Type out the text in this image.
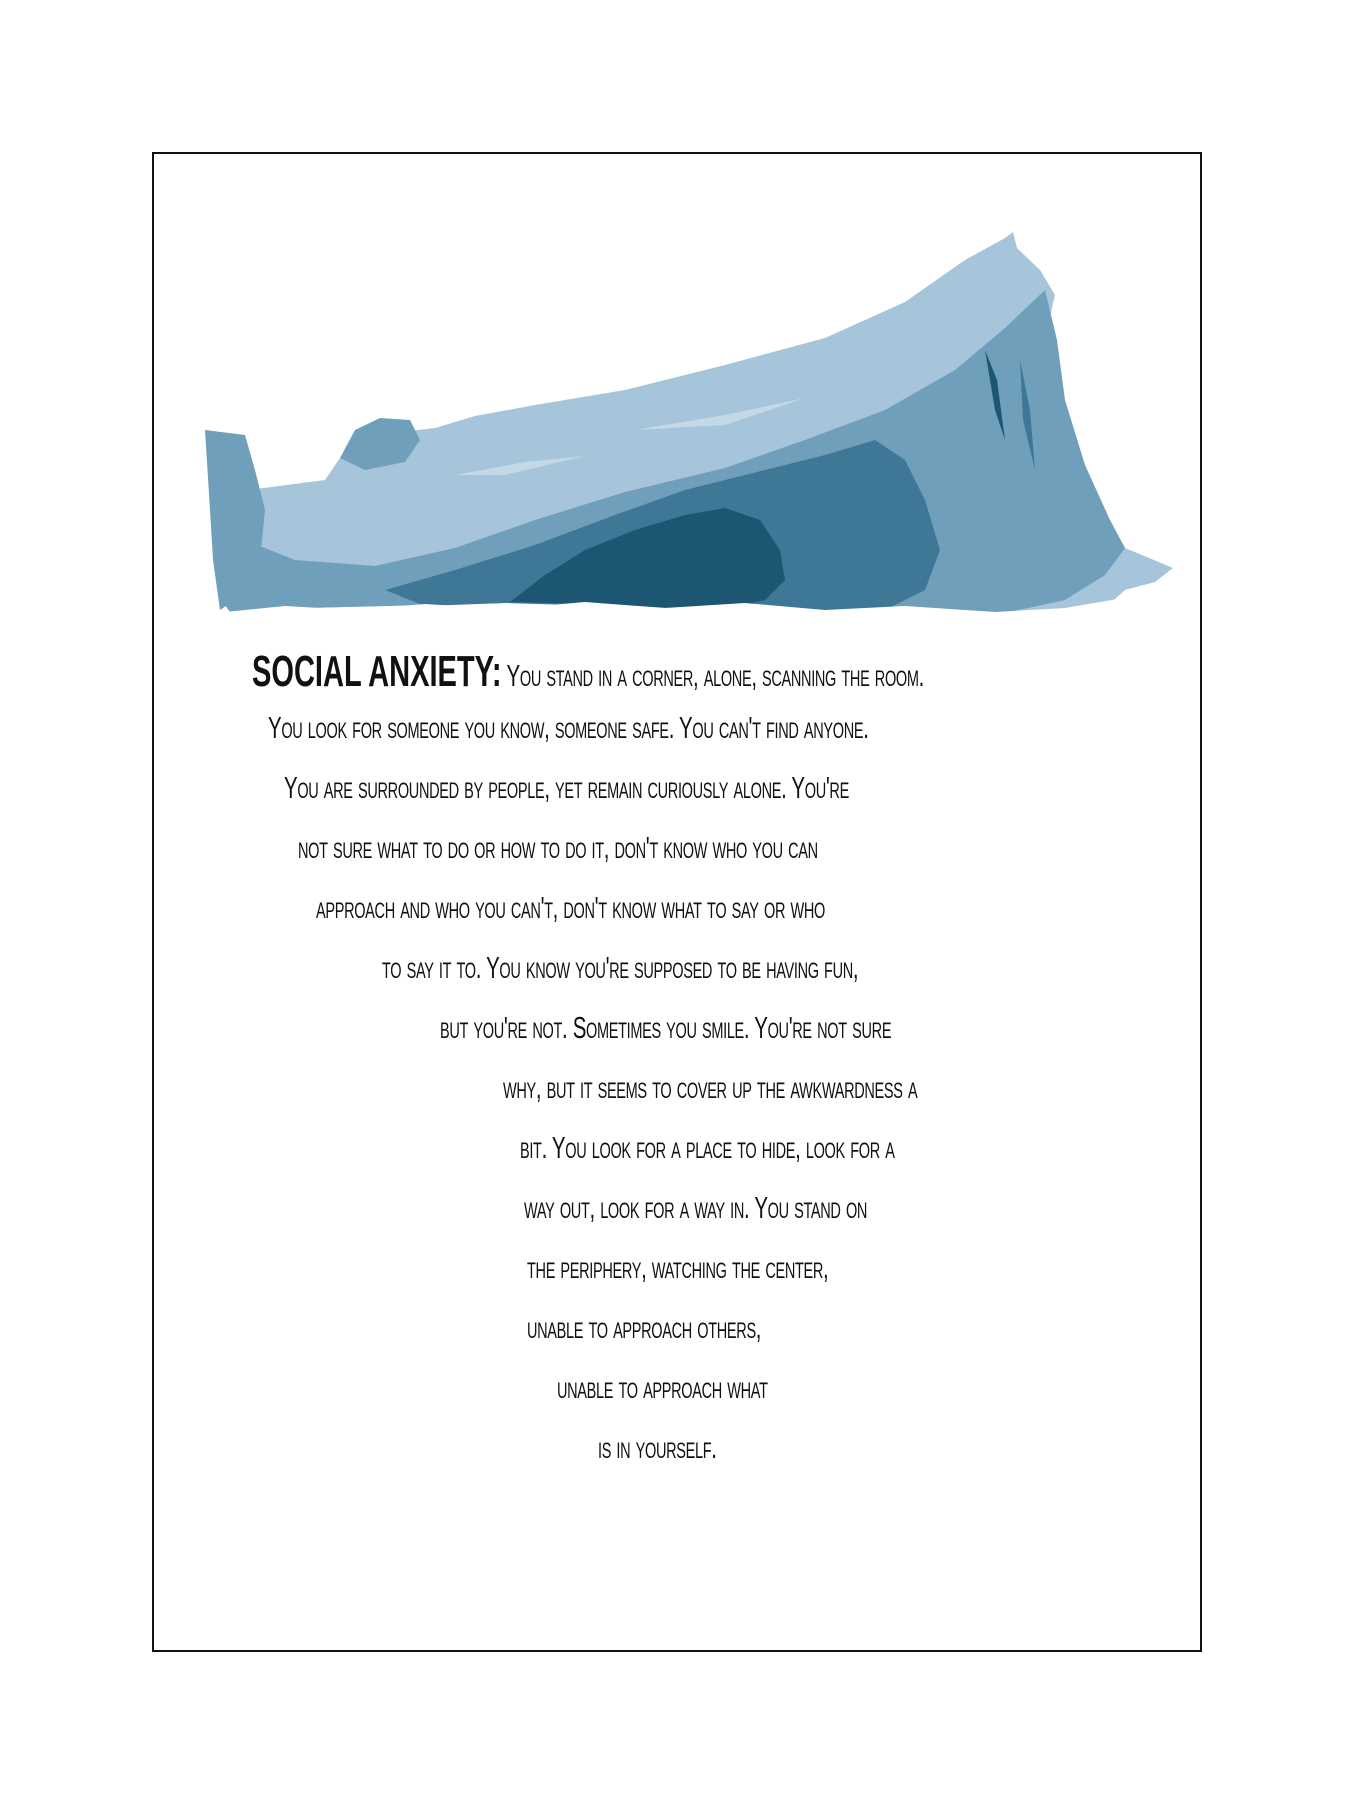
SOCIAL ANXIETY: You stand in a corner, alone, scanning the room.
You look for someone you know, someone safe. You can't find anyone.
You are surrounded by people, yet remain curiously alone. You're
not sure what to do or how to do it, don't know who you can
approach and who you can't, don't know what to say or who
to say it to. You know you're supposed to be having fun,
but you're not. Sometimes you smile. You're not sure
why, but it seems to cover up the awkwardness a
bit. You look for a place to hide, look for a
way out, look for a way in. You stand on
the periphery, watching the center,
unable to approach others,
unable to approach what
is in yourself.
